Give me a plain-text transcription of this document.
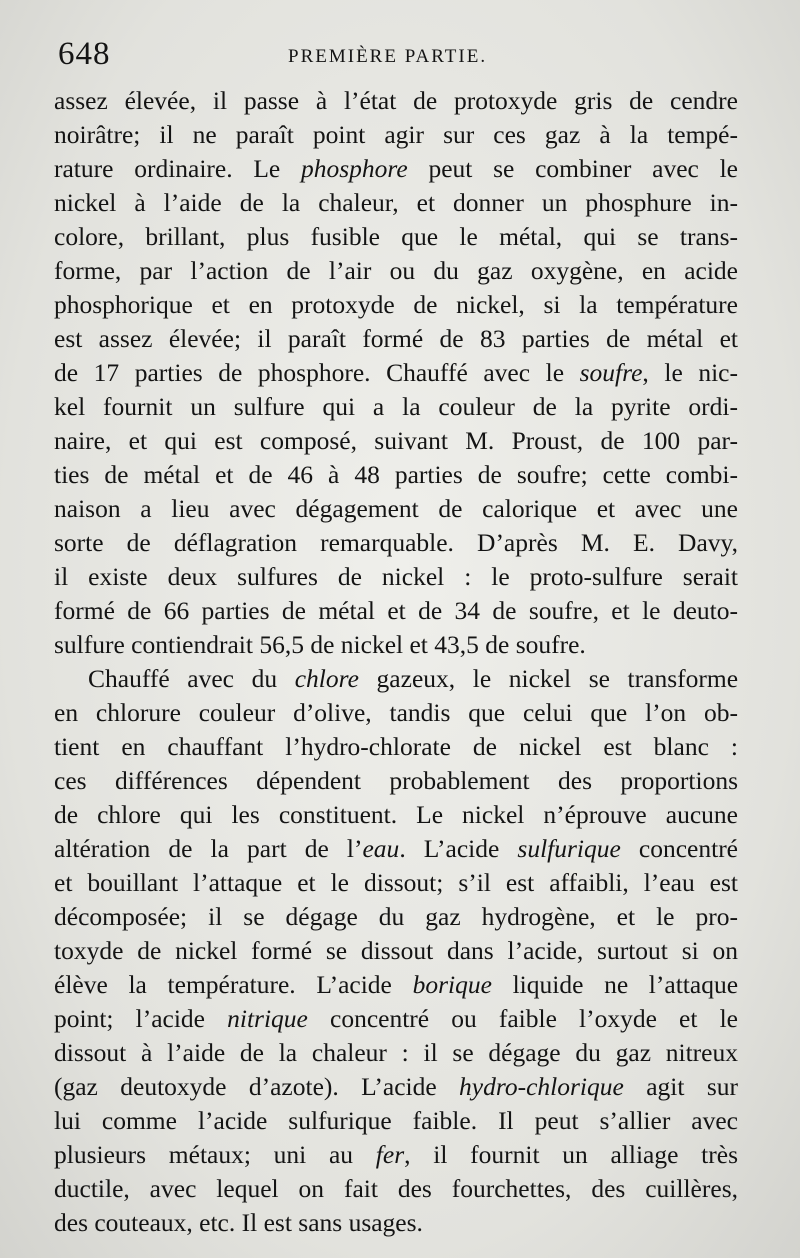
648	PREMIÈRE PARTIE.
assez élevée, il passe à l’état de protoxyde gris de cendre
noirâtre; il ne paraît point agir sur ces gaz à la tempé-
rature ordinaire. Le phosphore peut se combiner avec le
nickel à l’aide de la chaleur, et donner un phosphure in-
colore, brillant, plus fusible que le métal, qui se trans-
forme, par l’action de l’air ou du gaz oxygène, en acide
phosphorique et en protoxyde de nickel, si la température
est assez élevée; il paraît formé de 83 parties de métal et
de 17 parties de phosphore. Chauffé avec le soufre, le nic-
kel fournit un sulfure qui a la couleur de la pyrite ordi-
naire, et qui est composé, suivant M. Proust, de 100 par-
ties de métal et de 46 à 48 parties de soufre; cette combi-
naison a lieu avec dégagement de calorique et avec une
sorte de déflagration remarquable. D’après M. E. Davy,
il existe deux sulfures de nickel : le proto-sulfure serait
formé de 66 parties de métal et de 34 de soufre, et le deuto-
sulfure contiendrait 56,5 de nickel et 43,5 de soufre.
Chauffé avec du chlore gazeux, le nickel se transforme
en chlorure couleur d’olive, tandis que celui que l’on ob-
tient en chauffant l’hydro-chlorate de nickel est blanc :
ces différences dépendent probablement des proportions
de chlore qui les constituent. Le nickel n’éprouve aucune
altération de la part de l’eau. L’acide sulfurique concentré
et bouillant l’attaque et le dissout; s’il est affaibli, l’eau est
décomposée; il se dégage du gaz hydrogène, et le pro-
toxyde de nickel formé se dissout dans l’acide, surtout si on
élève la température. L’acide borique liquide ne l’attaque
point; l’acide nitrique concentré ou faible l’oxyde et le
dissout à l’aide de la chaleur : il se dégage du gaz nitreux
(gaz deutoxyde d’azote). L’acide hydro-chlorique agit sur
lui comme l’acide sulfurique faible. Il peut s’allier avec
plusieurs métaux; uni au fer, il fournit un alliage très
ductile, avec lequel on fait des fourchettes, des cuillères,
des couteaux, etc. Il est sans usages.
